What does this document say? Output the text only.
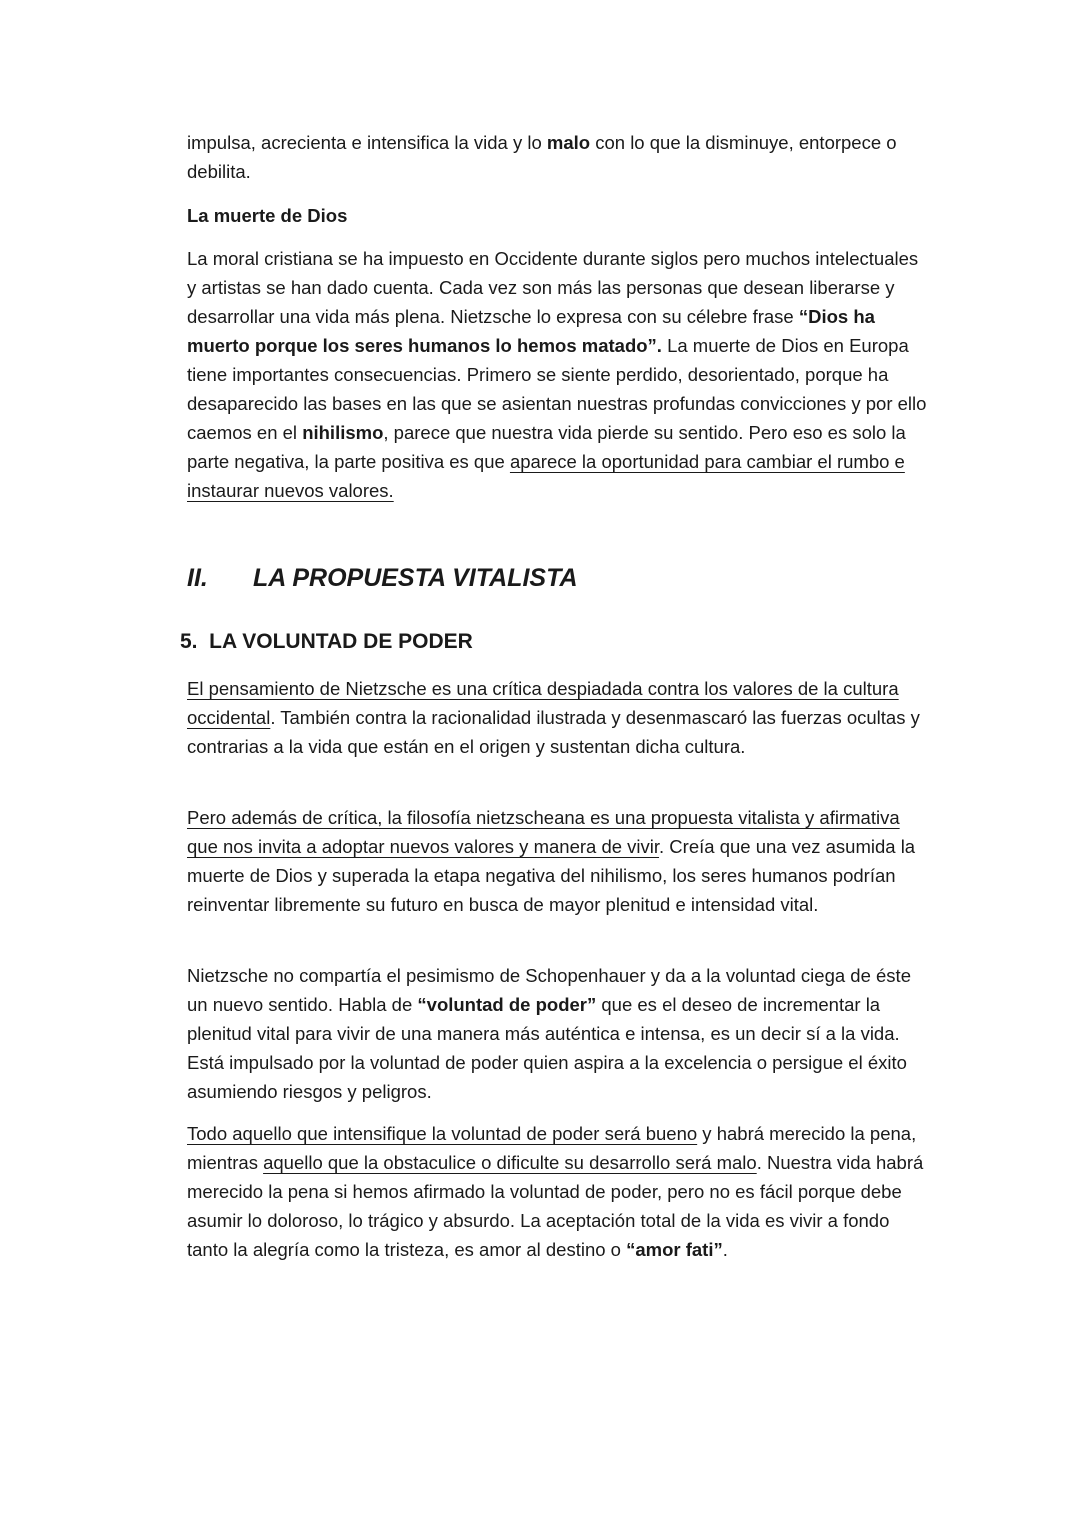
impulsa, acrecienta e intensifica la vida y lo malo con lo que la disminuye, entorpece o debilita.

La muerte de Dios

La moral cristiana se ha impuesto en Occidente durante siglos pero muchos intelectuales y artistas se han dado cuenta. Cada vez son más las personas que desean liberarse y desarrollar una vida más plena. Nietzsche lo expresa con su célebre frase “Dios ha muerto porque los seres humanos lo hemos matado”. La muerte de Dios en Europa tiene importantes consecuencias. Primero se siente perdido, desorientado, porque ha desaparecido las bases en las que se asientan nuestras profundas convicciones y por ello caemos en el nihilismo, parece que nuestra vida pierde su sentido. Pero eso es solo la parte negativa, la parte positiva es que aparece la oportunidad para cambiar el rumbo e instaurar nuevos valores.

II. LA PROPUESTA VITALISTA
5.  LA VOLUNTAD DE PODER

El pensamiento de Nietzsche es una crítica despiadada contra los valores de la cultura occidental. También contra la racionalidad ilustrada y desenmascaró las fuerzas ocultas y contrarias a la vida que están en el origen y sustentan dicha cultura.

Pero además de crítica, la filosofía nietzscheana es una propuesta vitalista y afirmativa que nos invita a adoptar nuevos valores y manera de vivir. Creía que una vez asumida la muerte de Dios y superada la etapa negativa del nihilismo, los seres humanos podrían reinventar libremente su futuro en busca de mayor plenitud e intensidad vital.

Nietzsche no compartía el pesimismo de Schopenhauer y da a la voluntad ciega de éste un nuevo sentido. Habla de “voluntad de poder” que es el deseo de incrementar la plenitud vital para vivir de una manera más auténtica e intensa, es un decir sí a la vida. Está impulsado por la voluntad de poder quien aspira a la excelencia o persigue el éxito asumiendo riesgos y peligros.

Todo aquello que intensifique la voluntad de poder será bueno y habrá merecido la pena, mientras aquello que la obstaculice o dificulte su desarrollo será malo. Nuestra vida habrá merecido la pena si hemos afirmado la voluntad de poder, pero no es fácil porque debe asumir lo doloroso, lo trágico y absurdo. La aceptación total de la vida es vivir a fondo tanto la alegría como la tristeza, es amor al destino o “amor fati”.
